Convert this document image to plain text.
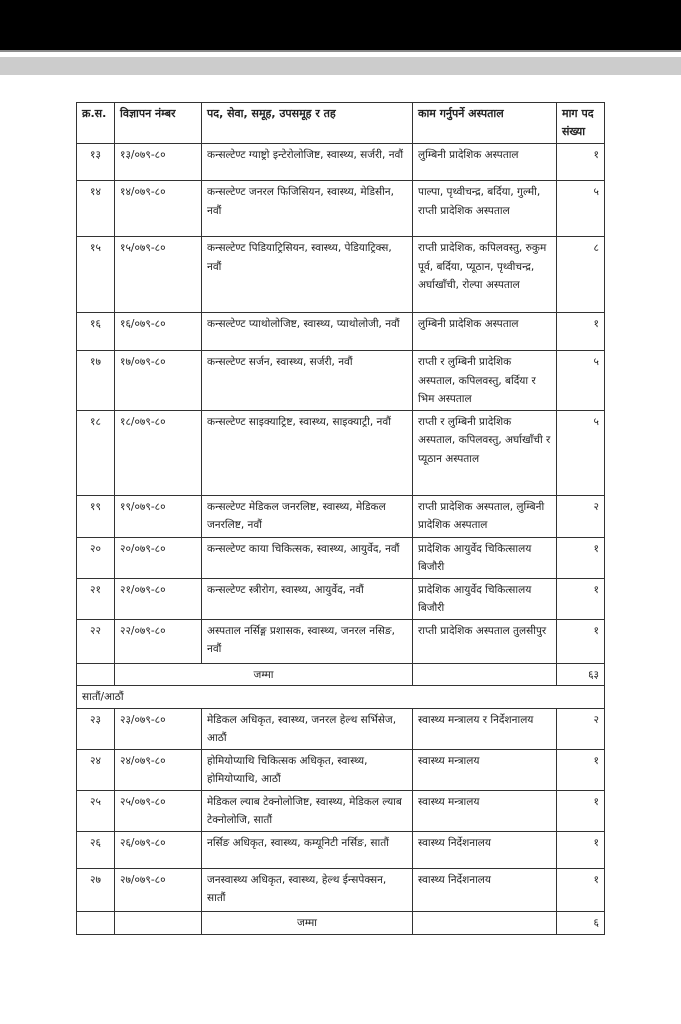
क्र.स.	विज्ञापन नंम्बर	पद, सेवा, समूह, उपसमूह र तह	काम गर्नुपर्ने अस्पताल	माग पद संख्या
१३	१३/०७९-८०	कन्सल्टेण्ट ग्याष्ट्रो इन्टेरोलोजिष्ट, स्वास्थ्य, सर्जरी, नवौं	लुम्बिनी प्रादेशिक अस्पताल	१
१४	१४/०७९-८०	कन्सल्टेण्ट जनरल फिजिसियन, स्वास्थ्य, मेडिसीन, नवौं	पाल्पा, पृथ्वीचन्द्र, बर्दिया, गुल्मी, राप्ती प्रादेशिक अस्पताल	५
१५	१५/०७९-८०	कन्सल्टेण्ट पिडियाट्रिसियन, स्वास्थ्य, पेडियाट्रिक्स, नवौं	राप्ती प्रादेशिक, कपिलवस्तु, रुकुम पूर्व, बर्दिया, प्यूठान, पृथ्वीचन्द्र, अर्घाखाँची, रोल्पा अस्पताल	८
१६	१६/०७९-८०	कन्सल्टेण्ट प्याथोलोजिष्ट, स्वास्थ्य, प्याथोलोजी, नवौं	लुम्बिनी प्रादेशिक अस्पताल	१
१७	१७/०७९-८०	कन्सल्टेण्ट सर्जन, स्वास्थ्य, सर्जरी, नवौं	राप्ती र लुम्बिनी प्रादेशिक अस्पताल, कपिलवस्तु, बर्दिया र भिम अस्पताल	५
१८	१८/०७९-८०	कन्सल्टेण्ट साइक्याट्रिष्ट, स्वास्थ्य, साइक्याट्री, नवौं	राप्ती र लुम्बिनी प्रादेशिक अस्पताल, कपिलवस्तु, अर्घाखाँची र प्यूठान अस्पताल	५
१९	१९/०७९-८०	कन्सल्टेण्ट मेडिकल जनरलिष्ट, स्वास्थ्य, मेडिकल जनरलिष्ट, नवौं	राप्ती प्रादेशिक अस्पताल, लुम्बिनी प्रादेशिक अस्पताल	२
२०	२०/०७९-८०	कन्सल्टेण्ट काया चिकित्सक, स्वास्थ्य, आयुर्वेद, नवौं	प्रादेशिक आयुर्वेद चिकित्सालय बिजौरी	१
२१	२१/०७९-८०	कन्सल्टेण्ट स्त्रीरोग, स्वास्थ्य, आयुर्वेद, नवौं	प्रादेशिक आयुर्वेद चिकित्सालय बिजौरी	१
२२	२२/०७९-८०	अस्पताल नर्सिङ्ग प्रशासक, स्वास्थ्य, जनरल नसिङ, नवौं	राप्ती प्रादेशिक अस्पताल तुलसीपुर	१
	जम्मा			६३
सातौं/आठौं				
२३	२३/०७९-८०	मेडिकल अधिकृत, स्वास्थ्य, जनरल हेल्थ सर्भिसेज, आठौं	स्वास्थ्य मन्त्रालय र निर्देशनालय	२
२४	२४/०७९-८०	होमियोप्याथि चिकित्सक अधिकृत, स्वास्थ्य, होमियोप्याथि, आठौं	स्वास्थ्य मन्त्रालय	१
२५	२५/०७९-८०	मेडिकल ल्याब टेक्नोलोजिष्ट, स्वास्थ्य, मेडिकल ल्याब टेक्नोलोजि, सातौं	स्वास्थ्य मन्त्रालय	१
२६	२६/०७९-८०	नर्सिङ अधिकृत, स्वास्थ्य, कम्यूनिटी नर्सिङ, सातौं	स्वास्थ्य निर्देशनालय	१
२७	२७/०७९-८०	जनस्वास्थ्य अधिकृत, स्वास्थ्य, हेल्थ ईन्सपेक्सन, सातौं	स्वास्थ्य निर्देशनालय	१
		जम्मा		६
